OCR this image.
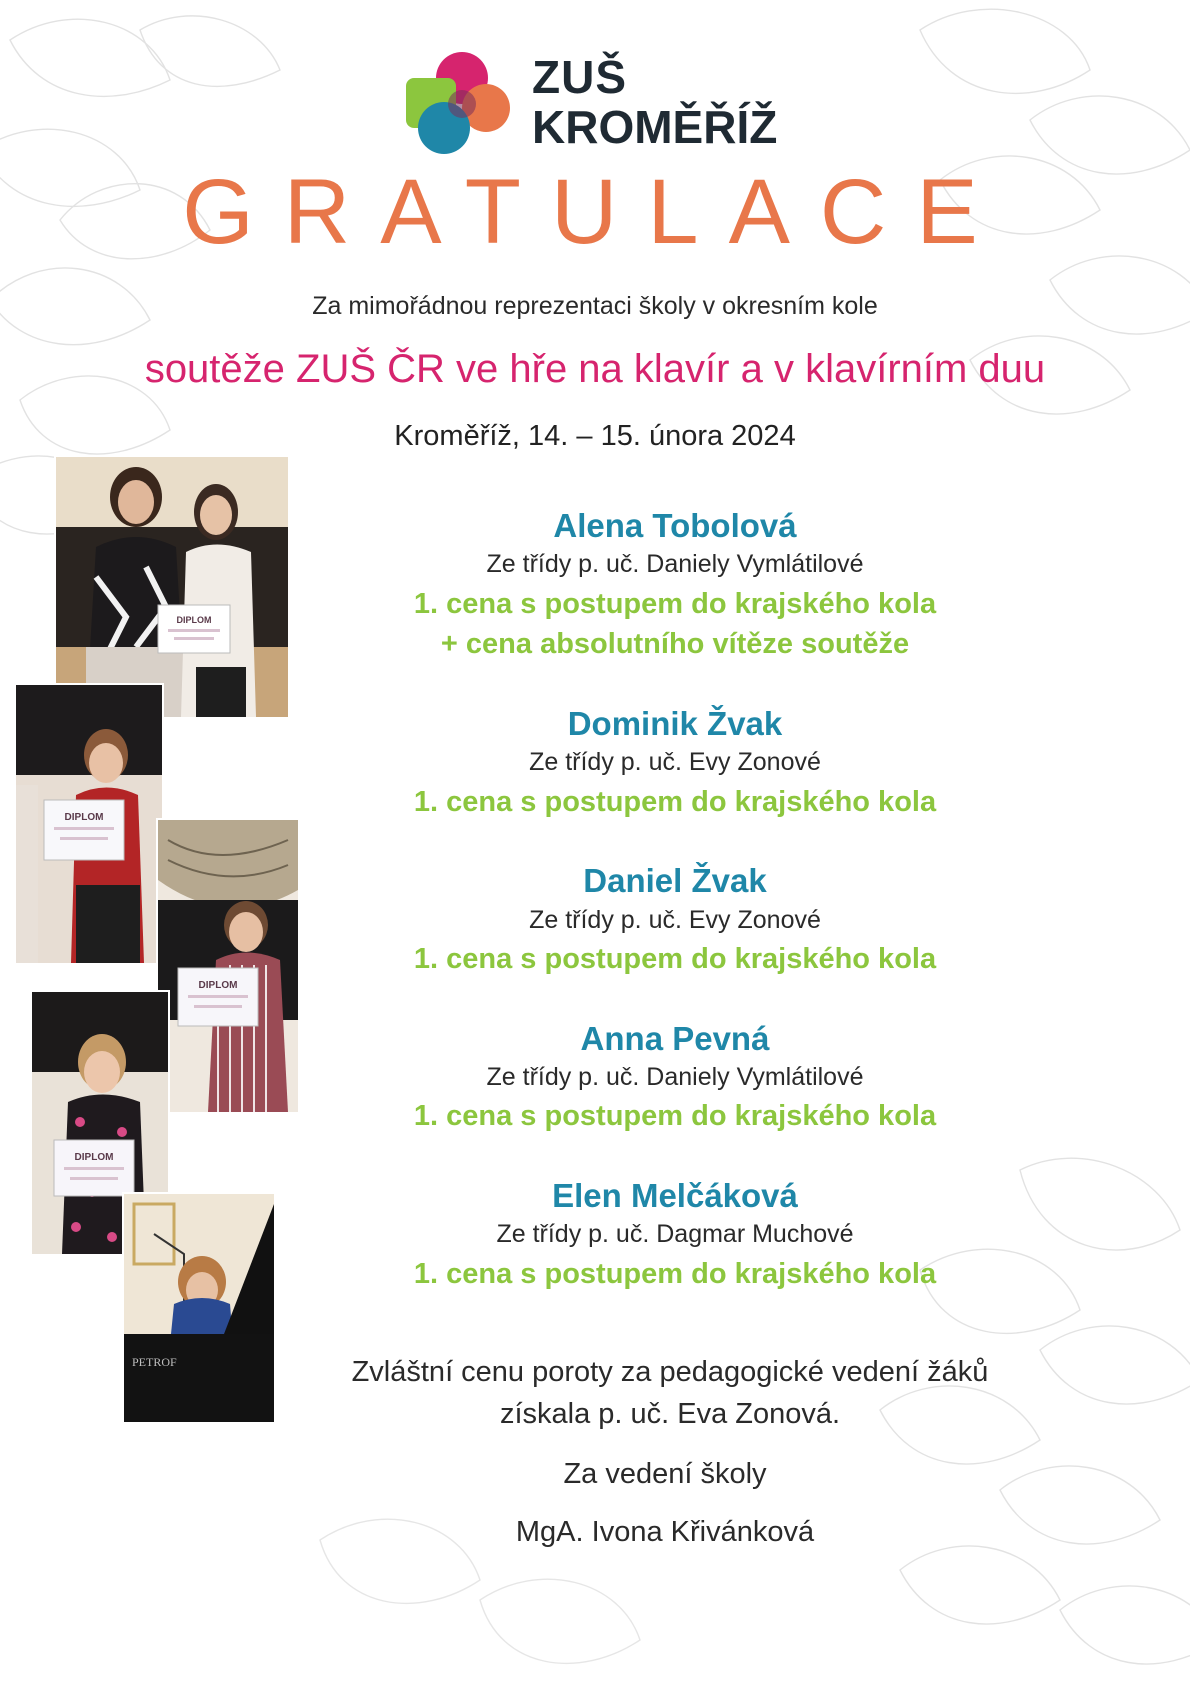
ZUŠ
KROMĚŘÍŽ
GRATULACE
Za mimořádnou reprezentaci školy v okresním kole
soutěže ZUŠ ČR ve hře na klavír a v klavírním duu
Kroměříž, 14. – 15. února 2024
DIPLOM
DIPLOM
DIPLOM
DIPLOM
PETROF
Alena Tobolová
Ze třídy p. uč. Daniely Vymlátilové
1. cena s postupem do krajského kola
+ cena absolutního vítěze soutěže
Dominik Žvak
Ze třídy p. uč. Evy Zonové
1. cena s postupem do krajského kola
Daniel Žvak
Ze třídy p. uč. Evy Zonové
1. cena s postupem do krajského kola
Anna Pevná
Ze třídy p. uč. Daniely Vymlátilové
1. cena s postupem do krajského kola
Elen Melčáková
Ze třídy p. uč. Dagmar Muchové
1. cena s postupem do krajského kola
Zvláštní cenu poroty za pedagogické vedení žáků
získala p. uč. Eva Zonová.
Za vedení školy
MgA. Ivona Křivánková
